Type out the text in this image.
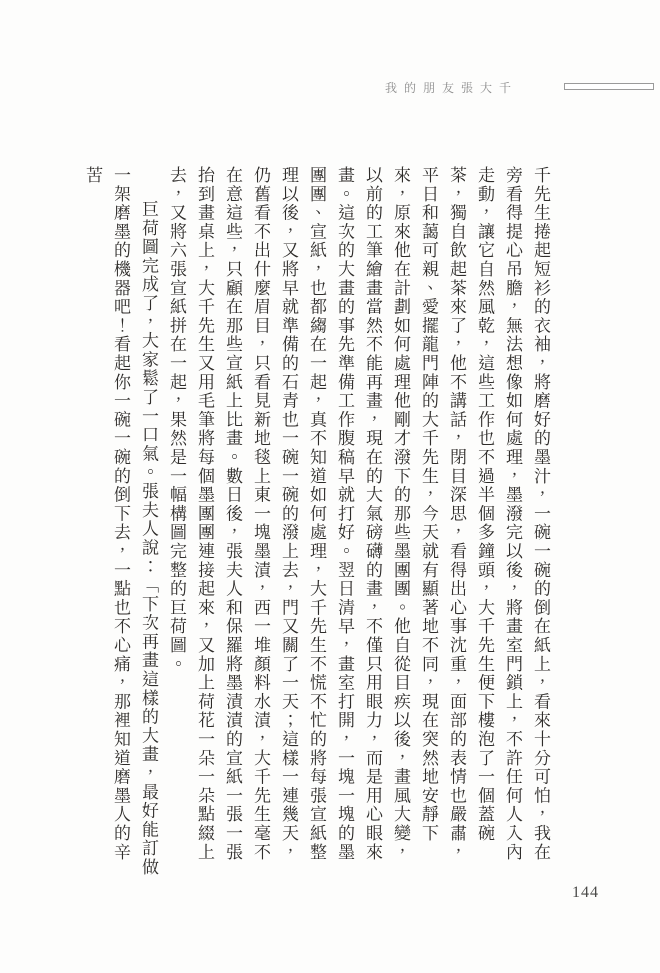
我的朋友張大千

千先生捲起短衫的衣袖，將磨好的墨汁，一碗一碗的倒在紙上，看來十分可怕，我在旁看得提心吊膽，無法想像如何處理，墨潑完以後，將畫室門鎖上，不許任何人入內走動，讓它自然風乾，這些工作也不過半個多鐘頭，大千先生便下樓泡了一個蓋碗茶，獨自飲起茶來了，他不講話，閉目深思，看得出心事沈重，面部的表情也嚴肅，平日和藹可親、愛擺龍門陣的大千先生，今天就有顯著地不同，現在突然地安靜下來，原來他在計劃如何處理他剛才潑下的那些墨團團。他自從目疾以後，畫風大變，以前的工筆繪畫當然不能再畫，現在的大氣磅礴的畫，不僅只用眼力，而是用心眼來畫。這次的大畫的事先準備工作腹稿早就打好。翌日清早，畫室打開，一塊一塊的墨團團、宣紙，也都縐在一起，真不知道如何處理，大千先生不慌不忙的將每張宣紙整理以後，又將早就準備的石青也一碗一碗的潑上去，門又關了一天；這樣一連幾天，仍舊看不出什麼眉目，只看見新地毯上東一塊墨漬，西一堆顏料水漬，大千先生毫不在意這些，只顧在那些宣紙上比畫。數日後，張夫人和保羅將墨漬漬的宣紙一張一張抬到畫桌上，大千先生又用毛筆將每個墨團團連接起來，又加上荷花一朵一朵點綴上去，又將六張宣紙拼在一起，果然是一幅構圖完整的巨荷圖。

巨荷圖完成了，大家鬆了一口氣。張夫人說：「下次再畫這樣的大畫，最好能訂做一架磨墨的機器吧！看起你一碗一碗的倒下去，一點也不心痛，那裡知道磨墨人的辛苦

144
